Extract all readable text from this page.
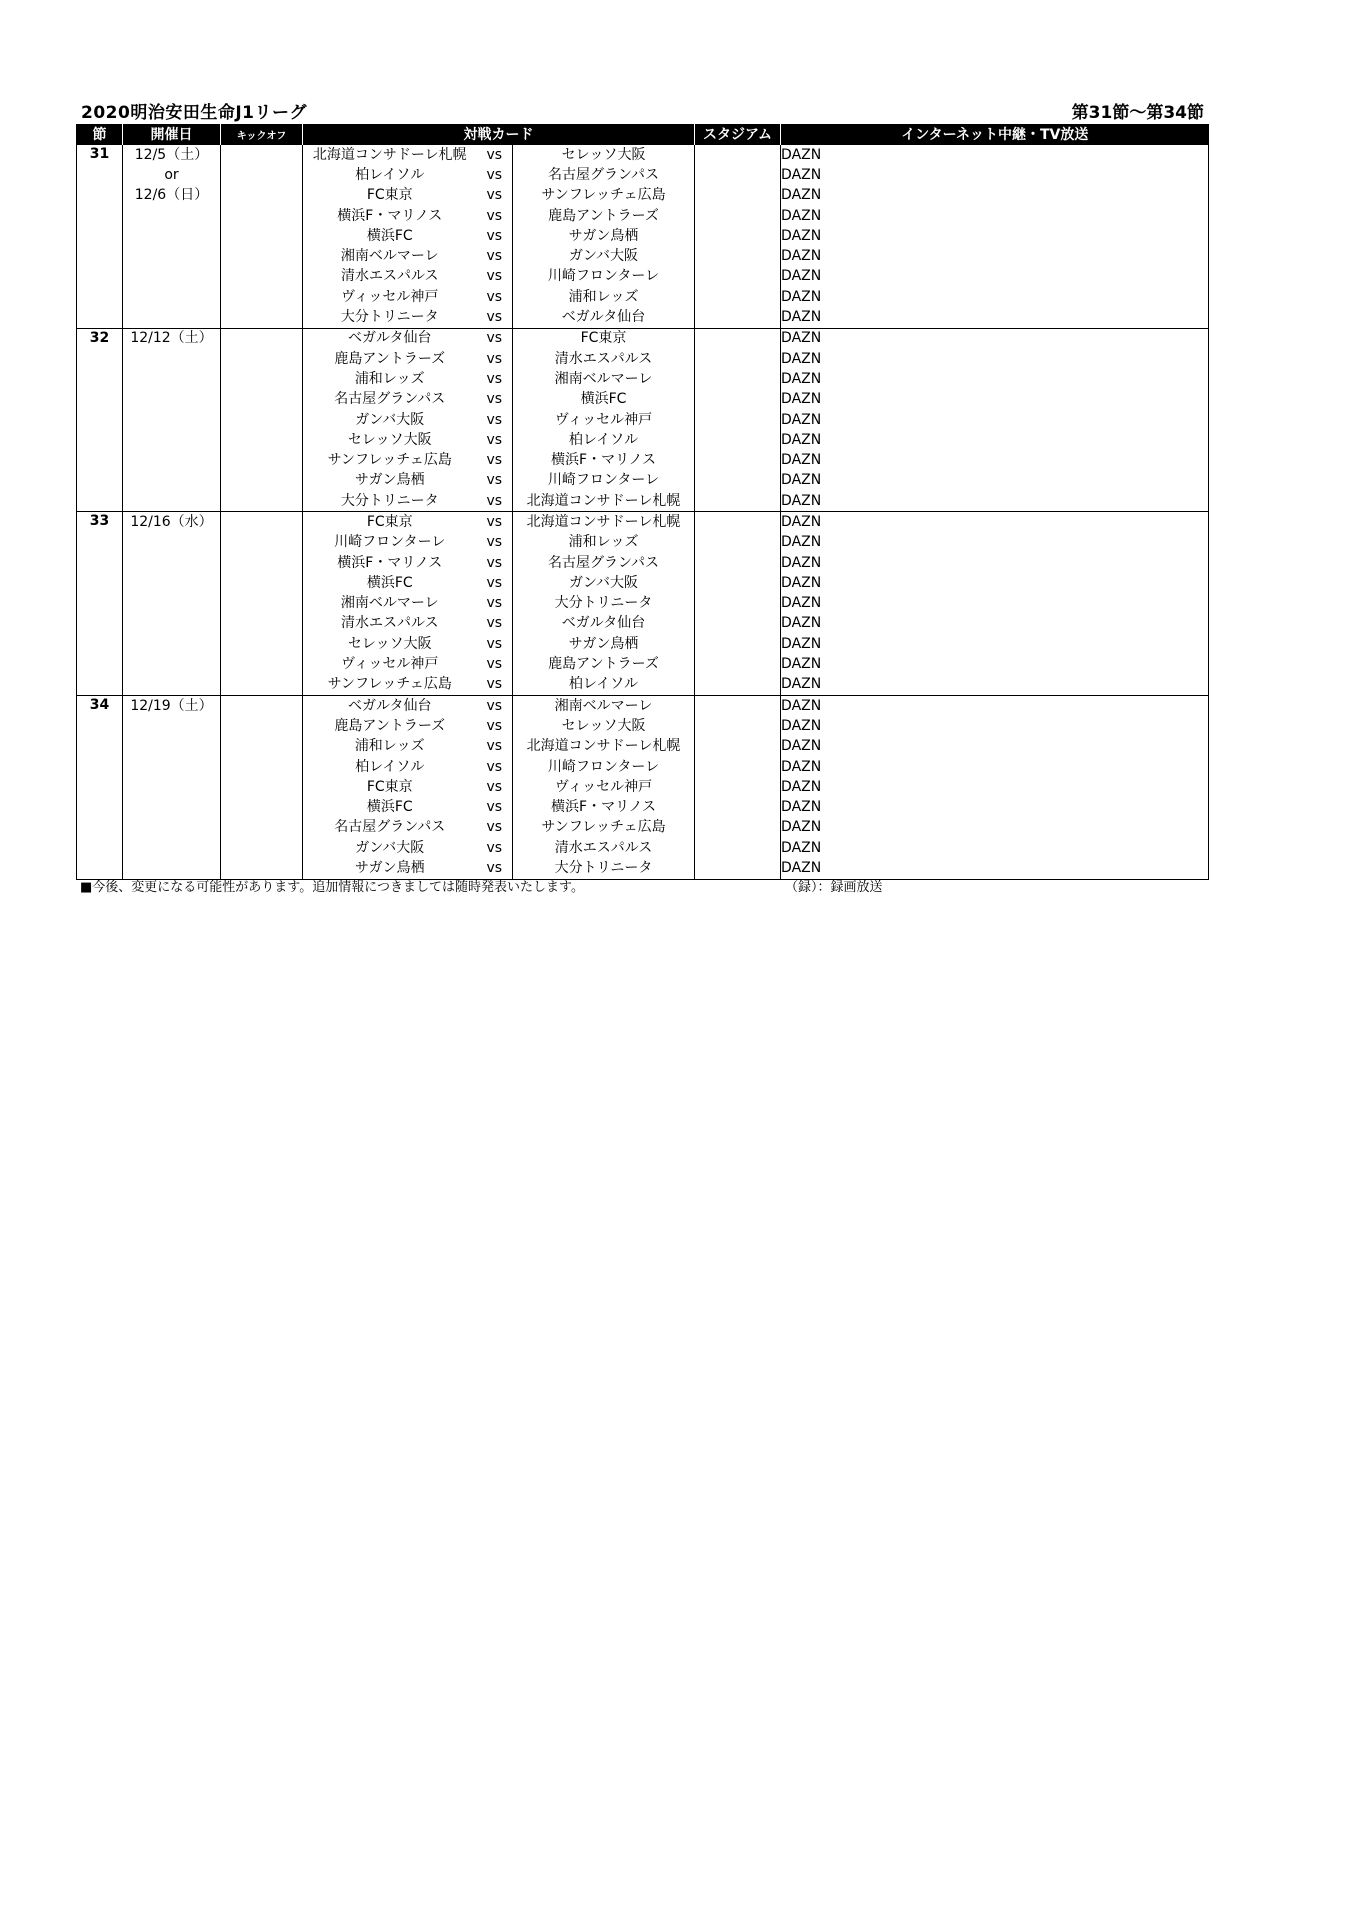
2020明治安田生命J1リーグ	第31節～第34節
節	開催日	キックオフ	対戦カード			スタジアム	インターネット中継・TV放送
31	12/5（土）		北海道コンサドーレ札幌	vs	セレッソ大阪		DAZN
	or		柏レイソル	vs	名古屋グランパス		DAZN
	12/6（日）		FC東京	vs	サンフレッチェ広島		DAZN
			横浜F・マリノス	vs	鹿島アントラーズ		DAZN
			横浜FC	vs	サガン鳥栖		DAZN
			湘南ベルマーレ	vs	ガンバ大阪		DAZN
			清水エスパルス	vs	川崎フロンターレ		DAZN
			ヴィッセル神戸	vs	浦和レッズ		DAZN
			大分トリニータ	vs	ベガルタ仙台		DAZN
32	12/12（土）		ベガルタ仙台	vs	FC東京		DAZN
			鹿島アントラーズ	vs	清水エスパルス		DAZN
			浦和レッズ	vs	湘南ベルマーレ		DAZN
			名古屋グランパス	vs	横浜FC		DAZN
			ガンバ大阪	vs	ヴィッセル神戸		DAZN
			セレッソ大阪	vs	柏レイソル		DAZN
			サンフレッチェ広島	vs	横浜F・マリノス		DAZN
			サガン鳥栖	vs	川崎フロンターレ		DAZN
			大分トリニータ	vs	北海道コンサドーレ札幌		DAZN
33	12/16（水）		FC東京	vs	北海道コンサドーレ札幌		DAZN
			川崎フロンターレ	vs	浦和レッズ		DAZN
			横浜F・マリノス	vs	名古屋グランパス		DAZN
			横浜FC	vs	ガンバ大阪		DAZN
			湘南ベルマーレ	vs	大分トリニータ		DAZN
			清水エスパルス	vs	ベガルタ仙台		DAZN
			セレッソ大阪	vs	サガン鳥栖		DAZN
			ヴィッセル神戸	vs	鹿島アントラーズ		DAZN
			サンフレッチェ広島	vs	柏レイソル		DAZN
34	12/19（土）		ベガルタ仙台	vs	湘南ベルマーレ		DAZN
			鹿島アントラーズ	vs	セレッソ大阪		DAZN
			浦和レッズ	vs	北海道コンサドーレ札幌		DAZN
			柏レイソル	vs	川崎フロンターレ		DAZN
			FC東京	vs	ヴィッセル神戸		DAZN
			横浜FC	vs	横浜F・マリノス		DAZN
			名古屋グランパス	vs	サンフレッチェ広島		DAZN
			ガンバ大阪	vs	清水エスパルス		DAZN
			サガン鳥栖	vs	大分トリニータ		DAZN
■今後、変更になる可能性があります。追加情報につきましては随時発表いたします。	（録）：録画放送
